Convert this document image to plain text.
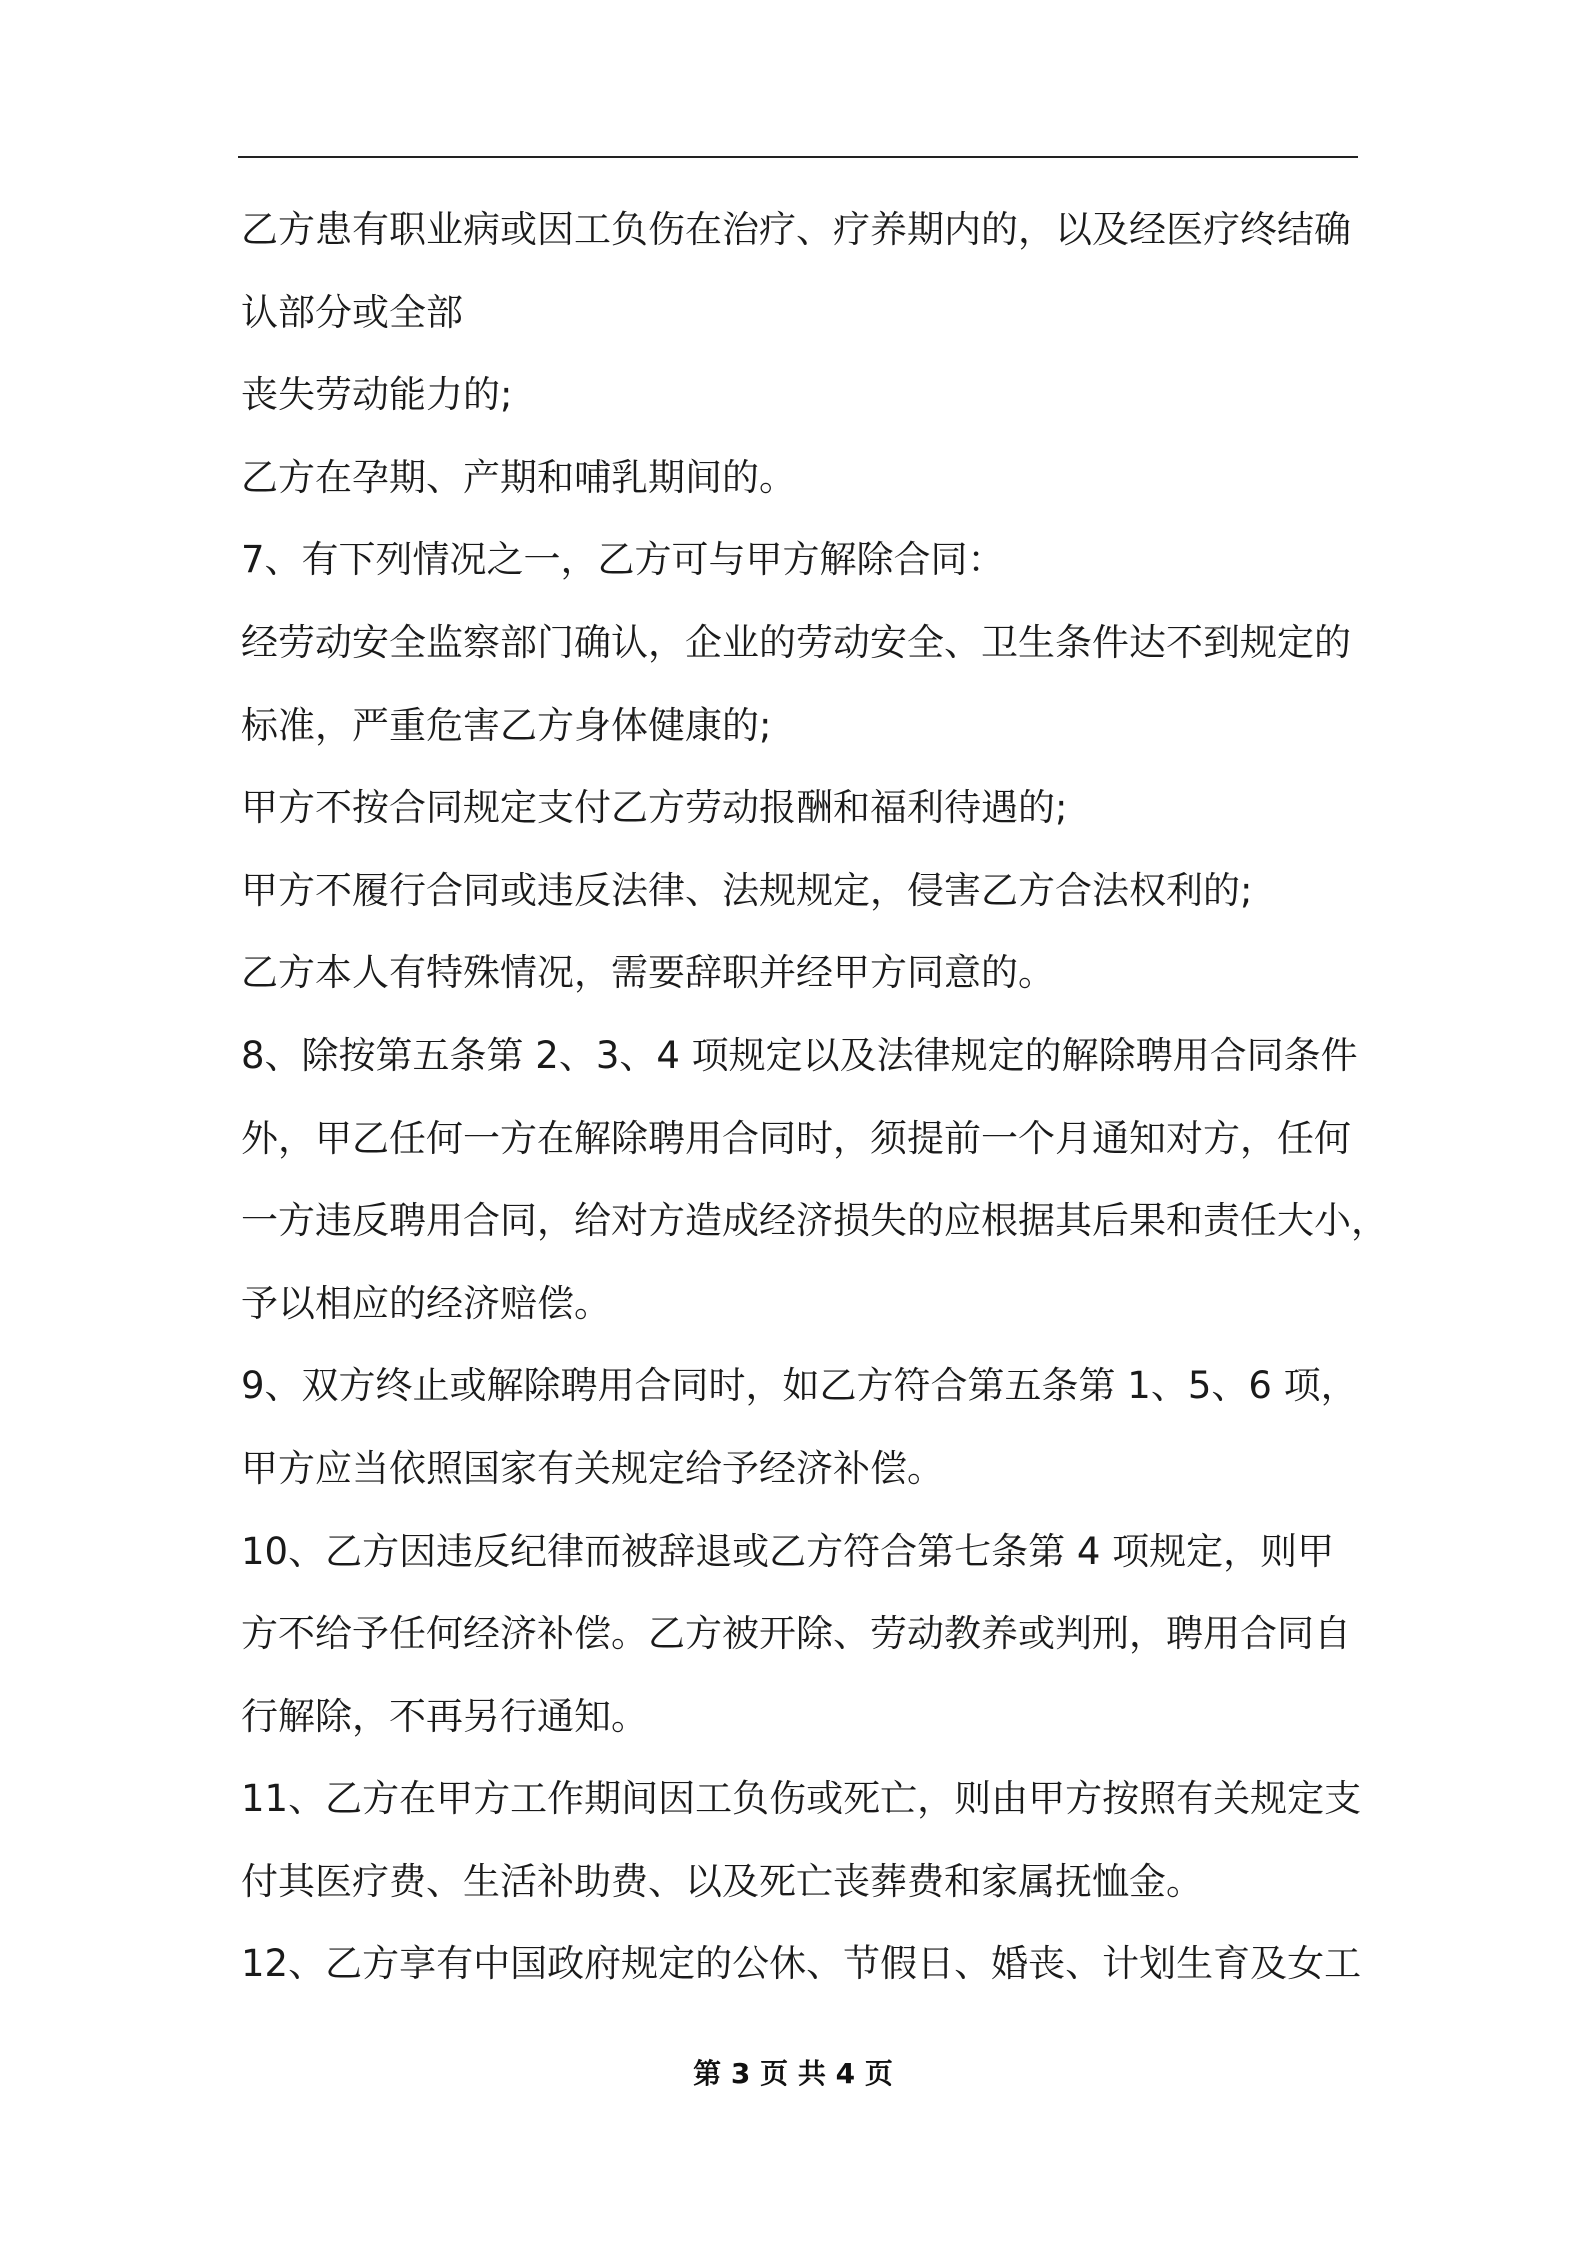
乙方患有职业病或因工负伤在治疗、疗养期内的，以及经医疗终结确
认部分或全部
丧失劳动能力的;
乙方在孕期、产期和哺乳期间的。
7、有下列情况之一，乙方可与甲方解除合同：
经劳动安全监察部门确认，企业的劳动安全、卫生条件达不到规定的
标准，严重危害乙方身体健康的;
甲方不按合同规定支付乙方劳动报酬和福利待遇的;
甲方不履行合同或违反法律、法规规定，侵害乙方合法权利的;
乙方本人有特殊情况，需要辞职并经甲方同意的。
8、除按第五条第 2、3、4 项规定以及法律规定的解除聘用合同条件
外，甲乙任何一方在解除聘用合同时，须提前一个月通知对方，任何
一方违反聘用合同，给对方造成经济损失的应根据其后果和责任大小，
予以相应的经济赔偿。
9、双方终止或解除聘用合同时，如乙方符合第五条第 1、5、6 项，
甲方应当依照国家有关规定给予经济补偿。
10、乙方因违反纪律而被辞退或乙方符合第七条第 4 项规定，则甲
方不给予任何经济补偿。乙方被开除、劳动教养或判刑，聘用合同自
行解除，不再另行通知。
11、乙方在甲方工作期间因工负伤或死亡，则由甲方按照有关规定支
付其医疗费、生活补助费、以及死亡丧葬费和家属抚恤金。
12、乙方享有中国政府规定的公休、节假日、婚丧、计划生育及女工
第 3 页 共 4 页
